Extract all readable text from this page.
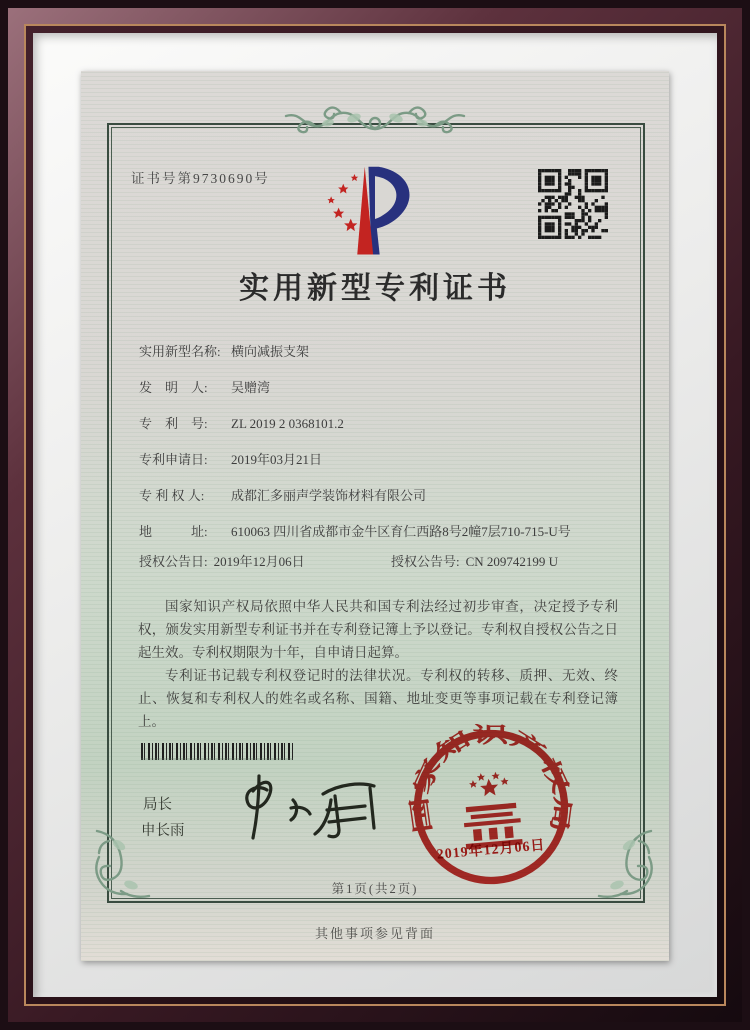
证书号第9730690号
实用新型专利证书
实用新型名称: 横向减振支架
发　明　人:	吴赠湾
专　利　号:	ZL 2019 2 0368101.2
专利申请日:	2019年03月21日
专 利 权 人:	成都汇多丽声学装饰材料有限公司
地　　　址:	610063 四川省成都市金牛区育仁西路8号2幢7层710-715-U号
授权公告日: 2019年12月06日	授权公告号: CN 209742199 U

国家知识产权局依照中华人民共和国专利法经过初步审查，决定授予专利权，颁发实用新型专利证书并在专利登记簿上予以登记。专利权自授权公告之日起生效。专利权期限为十年，自申请日起算。

专利证书记载专利权登记时的法律状况。专利权的转移、质押、无效、终止、恢复和专利权人的姓名或名称、国籍、地址变更等事项记载在专利登记簿上。

局长
申长雨	国家知识产权局
2019年12月06日
第1页(共2页)
其他事项参见背面
